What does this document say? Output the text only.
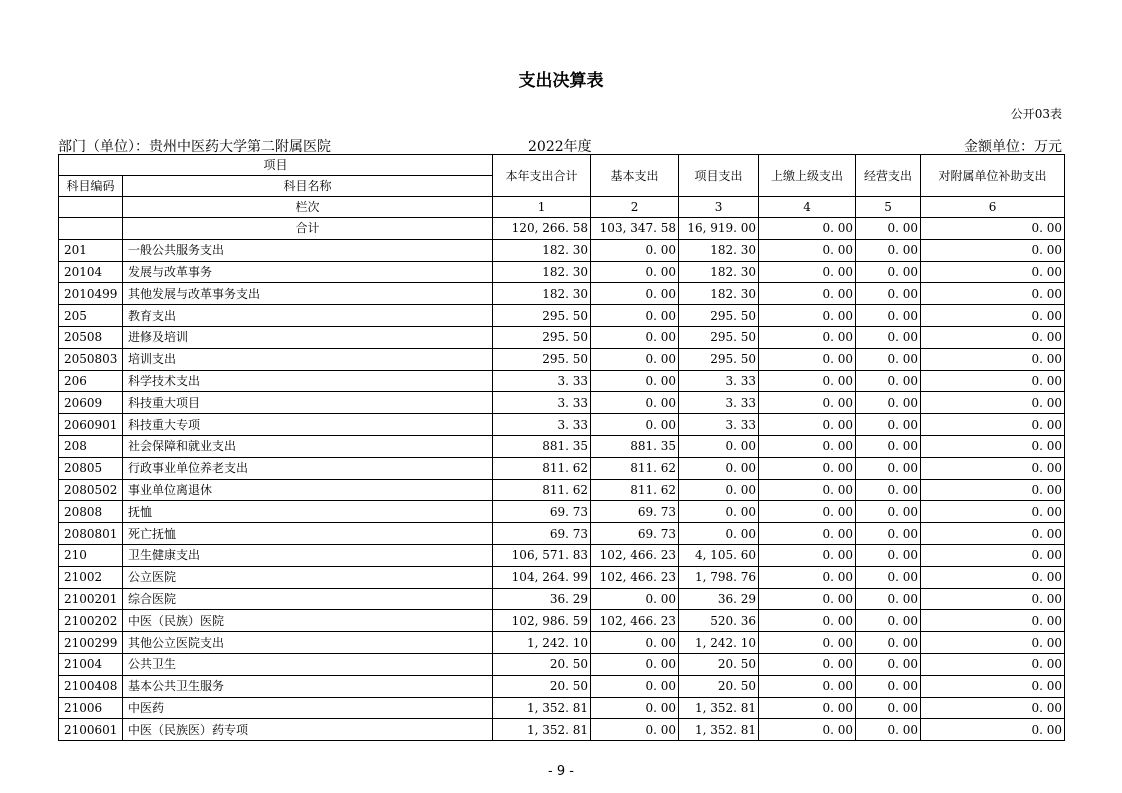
支出决算表
公开03表
部门（单位）：贵州中医药大学第二附属医院	2022年度	金额单位：万元
项目		本年支出合计	基本支出	项目支出	上缴上级支出	经营支出	对附属单位补助支出
科目编码	科目名称						
	栏次	1	2	3	4	5	6
	合计	120, 266. 58	103, 347. 58	16, 919. 00	0. 00	0. 00	0. 00
201	一般公共服务支出	182. 30	0. 00	182. 30	0. 00	0. 00	0. 00
20104	发展与改革事务	182. 30	0. 00	182. 30	0. 00	0. 00	0. 00
2010499	其他发展与改革事务支出	182. 30	0. 00	182. 30	0. 00	0. 00	0. 00
205	教育支出	295. 50	0. 00	295. 50	0. 00	0. 00	0. 00
20508	进修及培训	295. 50	0. 00	295. 50	0. 00	0. 00	0. 00
2050803	培训支出	295. 50	0. 00	295. 50	0. 00	0. 00	0. 00
206	科学技术支出	3. 33	0. 00	3. 33	0. 00	0. 00	0. 00
20609	科技重大项目	3. 33	0. 00	3. 33	0. 00	0. 00	0. 00
2060901	科技重大专项	3. 33	0. 00	3. 33	0. 00	0. 00	0. 00
208	社会保障和就业支出	881. 35	881. 35	0. 00	0. 00	0. 00	0. 00
20805	行政事业单位养老支出	811. 62	811. 62	0. 00	0. 00	0. 00	0. 00
2080502	事业单位离退休	811. 62	811. 62	0. 00	0. 00	0. 00	0. 00
20808	抚恤	69. 73	69. 73	0. 00	0. 00	0. 00	0. 00
2080801	死亡抚恤	69. 73	69. 73	0. 00	0. 00	0. 00	0. 00
210	卫生健康支出	106, 571. 83	102, 466. 23	4, 105. 60	0. 00	0. 00	0. 00
21002	公立医院	104, 264. 99	102, 466. 23	1, 798. 76	0. 00	0. 00	0. 00
2100201	综合医院	36. 29	0. 00	36. 29	0. 00	0. 00	0. 00
2100202	中医（民族）医院	102, 986. 59	102, 466. 23	520. 36	0. 00	0. 00	0. 00
2100299	其他公立医院支出	1, 242. 10	0. 00	1, 242. 10	0. 00	0. 00	0. 00
21004	公共卫生	20. 50	0. 00	20. 50	0. 00	0. 00	0. 00
2100408	基本公共卫生服务	20. 50	0. 00	20. 50	0. 00	0. 00	0. 00
21006	中医药	1, 352. 81	0. 00	1, 352. 81	0. 00	0. 00	0. 00
2100601	中医（民族医）药专项	1, 352. 81	0. 00	1, 352. 81	0. 00	0. 00	0. 00
- 9 -
